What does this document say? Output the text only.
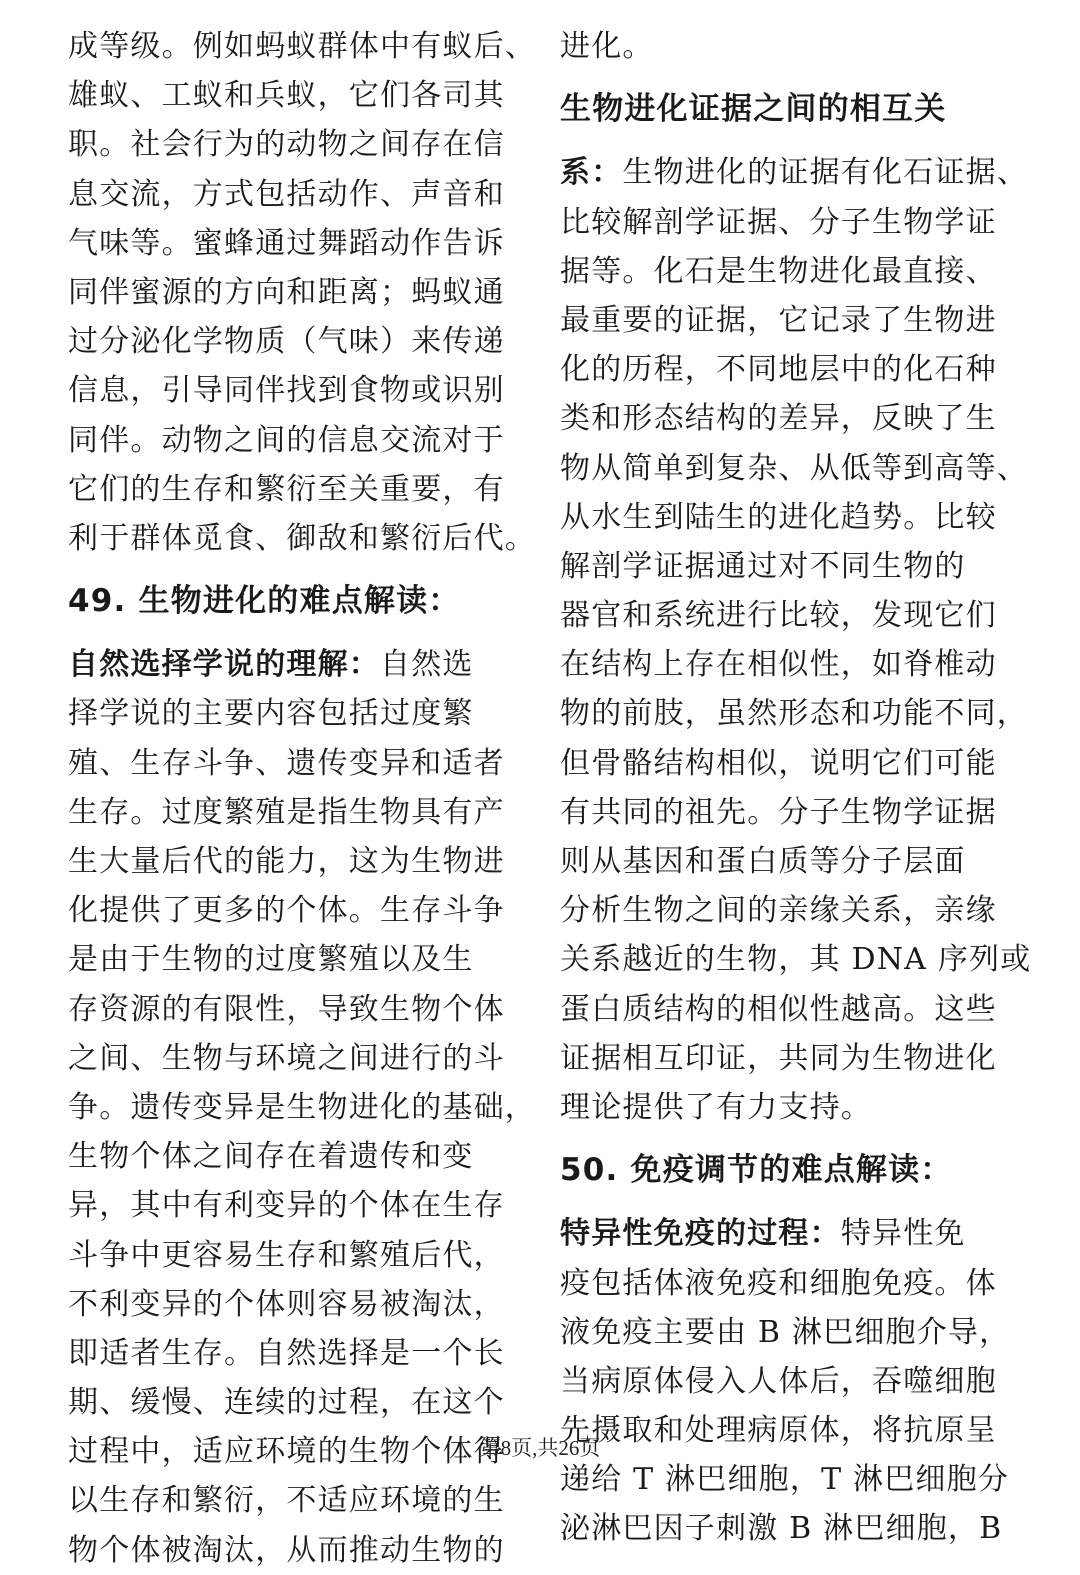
成等级。例如蚂蚁群体中有蚁后、
雄蚁、工蚁和兵蚁，它们各司其
职。社会行为的动物之间存在信
息交流，方式包括动作、声音和
气味等。蜜蜂通过舞蹈动作告诉
同伴蜜源的方向和距离；蚂蚁通
过分泌化学物质（气味）来传递
信息，引导同伴找到食物或识别
同伴。动物之间的信息交流对于
它们的生存和繁衍至关重要，有
利于群体觅食、御敌和繁衍后代。
49. 生物进化的难点解读：
自然选择学说的理解：自然选
择学说的主要内容包括过度繁
殖、生存斗争、遗传变异和适者
生存。过度繁殖是指生物具有产
生大量后代的能力，这为生物进
化提供了更多的个体。生存斗争
是由于生物的过度繁殖以及生
存资源的有限性，导致生物个体
之间、生物与环境之间进行的斗
争。遗传变异是生物进化的基础，
生物个体之间存在着遗传和变
异，其中有利变异的个体在生存
斗争中更容易生存和繁殖后代，
不利变异的个体则容易被淘汰，
即适者生存。自然选择是一个长
期、缓慢、连续的过程，在这个
过程中，适应环境的生物个体得
以生存和繁衍，不适应环境的生
物个体被淘汰，从而推动生物的
进化。
生物进化证据之间的相互关
系：生物进化的证据有化石证据、
比较解剖学证据、分子生物学证
据等。化石是生物进化最直接、
最重要的证据，它记录了生物进
化的历程，不同地层中的化石种
类和形态结构的差异，反映了生
物从简单到复杂、从低等到高等、
从水生到陆生的进化趋势。比较
解剖学证据通过对不同生物的
器官和系统进行比较，发现它们
在结构上存在相似性，如脊椎动
物的前肢，虽然形态和功能不同，
但骨骼结构相似，说明它们可能
有共同的祖先。分子生物学证据
则从基因和蛋白质等分子层面
分析生物之间的亲缘关系，亲缘
关系越近的生物，其 DNA 序列或
蛋白质结构的相似性越高。这些
证据相互印证，共同为生物进化
理论提供了有力支持。
50. 免疫调节的难点解读：
特异性免疫的过程：特异性免
疫包括体液免疫和细胞免疫。体
液免疫主要由 B 淋巴细胞介导，
当病原体侵入人体后，吞噬细胞
先摄取和处理病原体，将抗原呈
递给 T 淋巴细胞，T 淋巴细胞分
泌淋巴因子刺激 B 淋巴细胞，B
第8页,共26页
